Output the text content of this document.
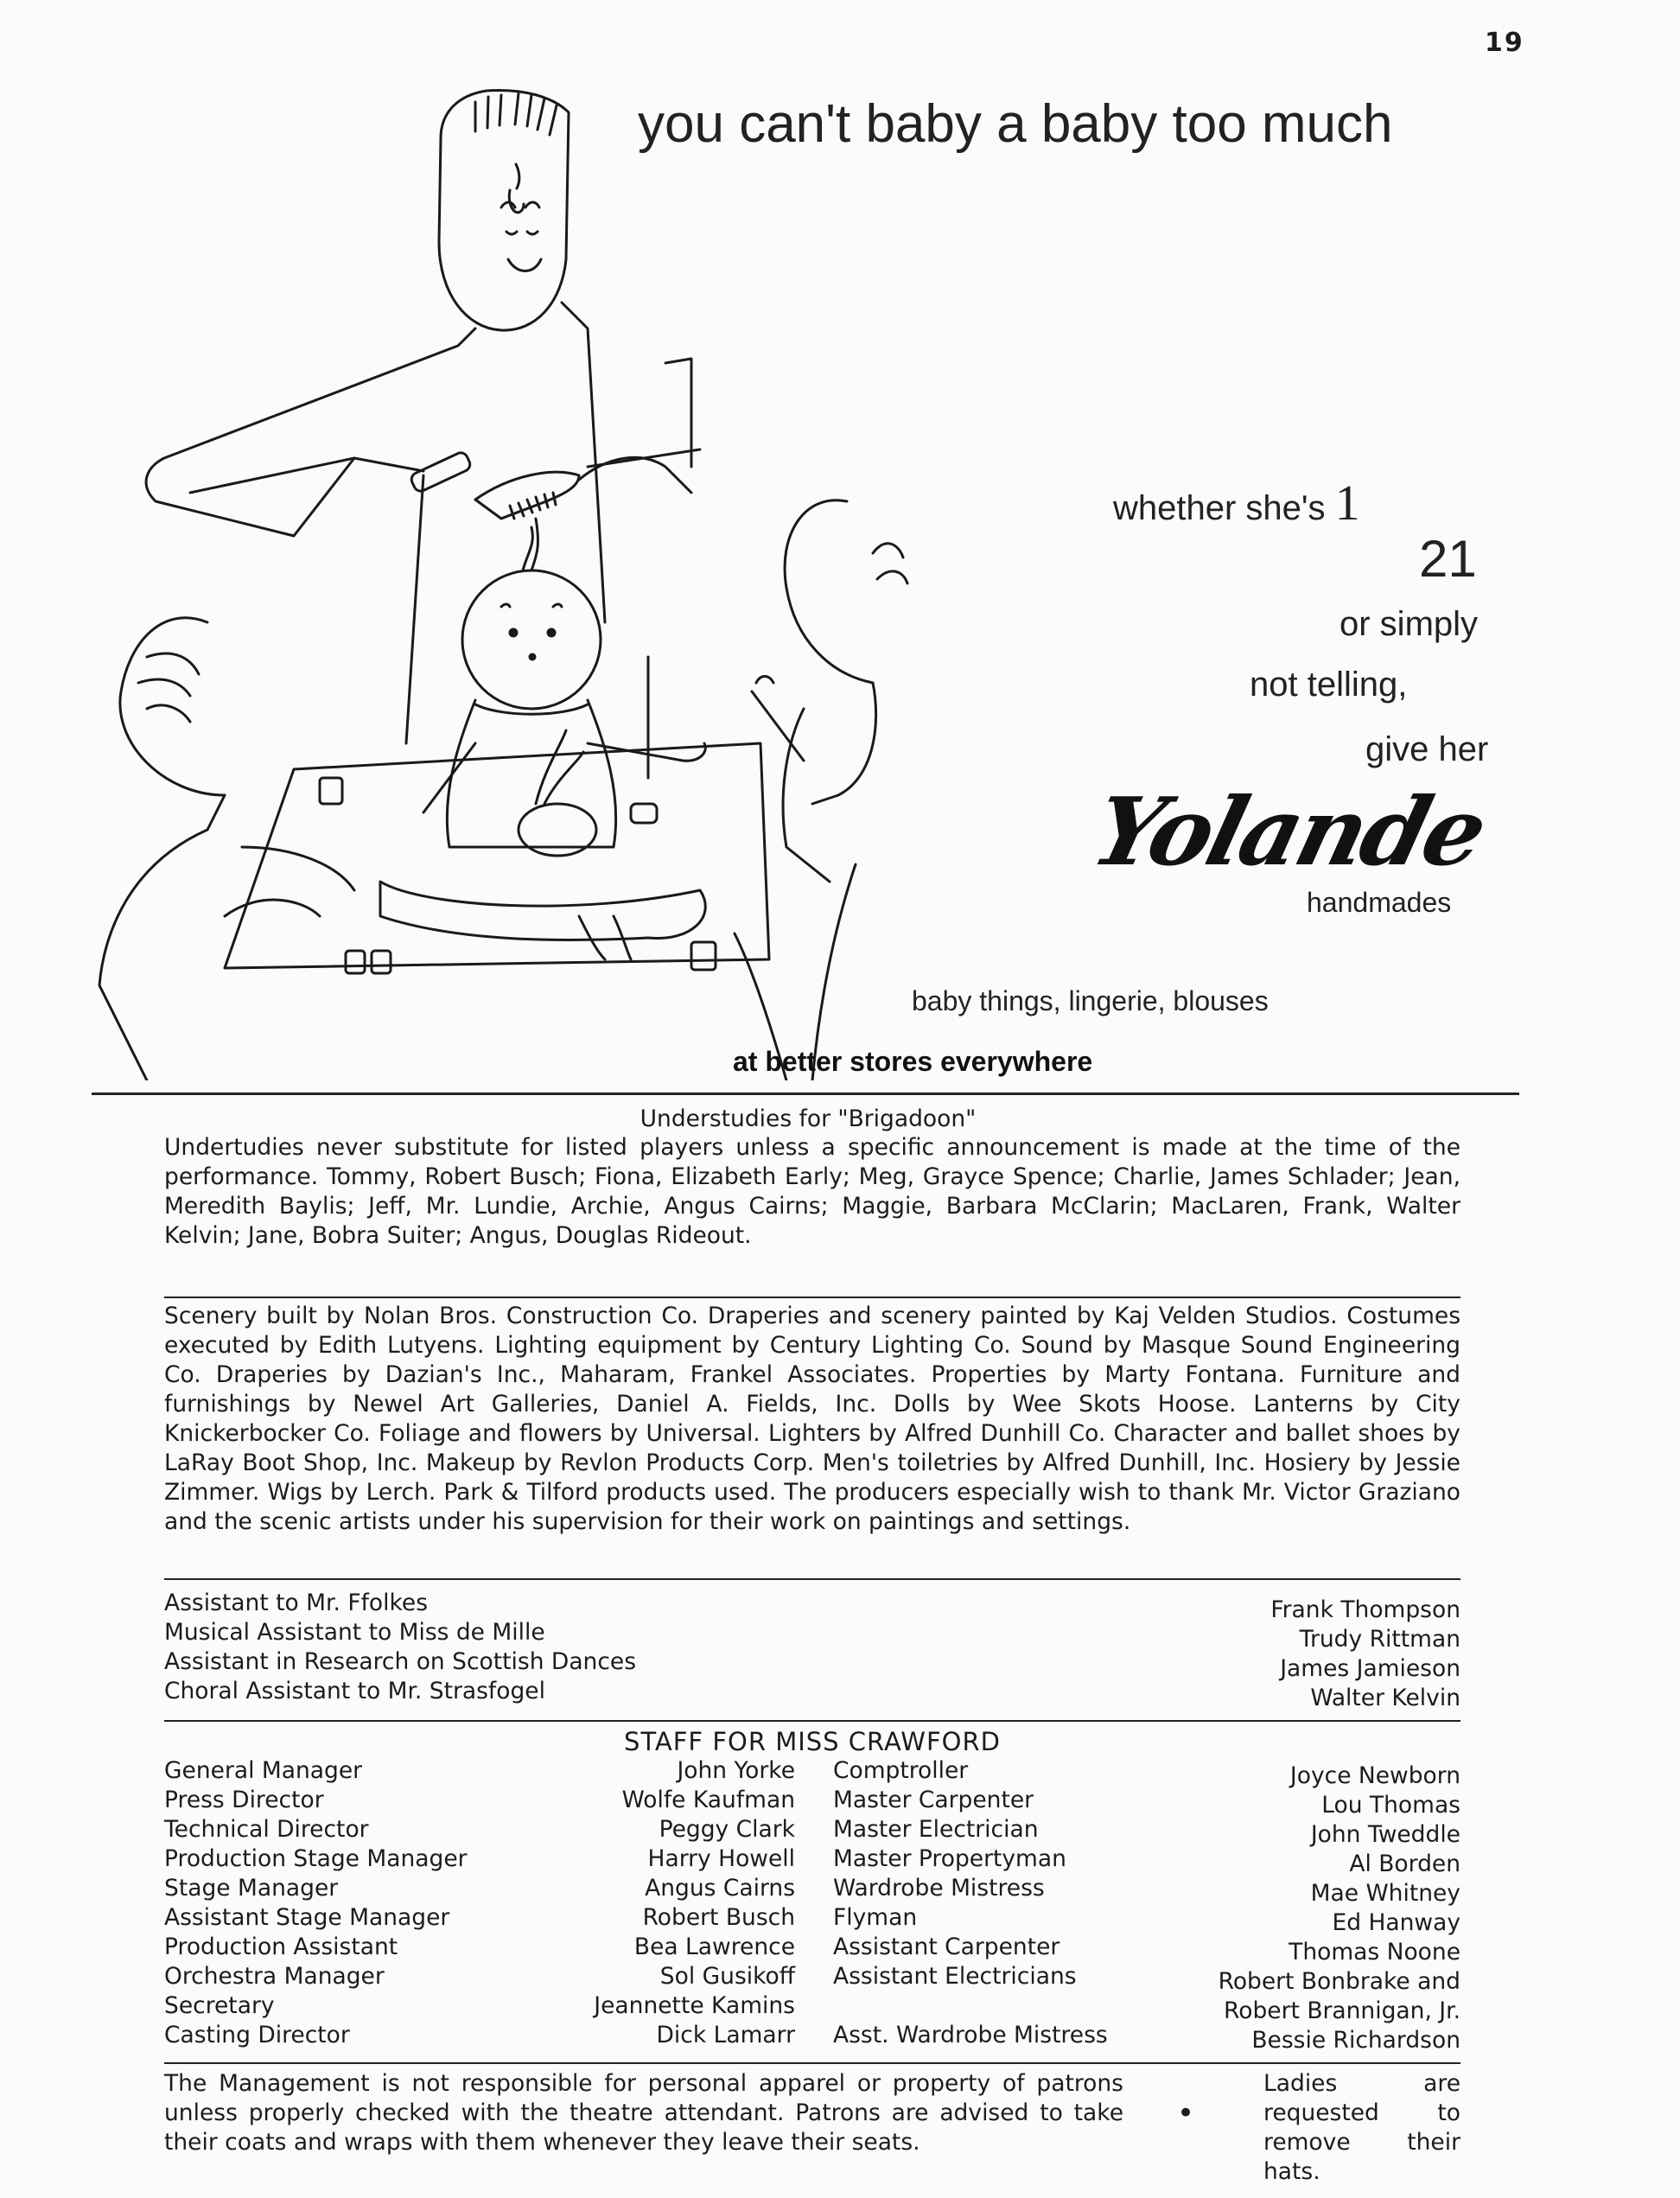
19
you can't baby a baby too much
whether she's 1
21
or simply
not telling,
give her
Yolande
handmades
baby things, lingerie, blouses
at better stores everywhere
Understudies for "Brigadoon"
Undertudies never substitute for listed players unless a specific announcement is made at the time of the performance. Tommy, Robert Busch; Fiona, Elizabeth Early; Meg, Grayce Spence; Charlie, James Schlader; Jean, Meredith Baylis; Jeff, Mr. Lundie, Archie, Angus Cairns; Maggie, Barbara McClarin; MacLaren, Frank, Walter Kelvin; Jane, Bobra Suiter; Angus, Douglas Rideout.
Scenery built by Nolan Bros. Construction Co. Draperies and scenery painted by Kaj Velden Studios. Costumes executed by Edith Lutyens. Lighting equipment by Century Lighting Co. Sound by Masque Sound Engineering Co. Draperies by Dazian's Inc., Maharam, Frankel Associates. Properties by Marty Fontana. Furniture and furnishings by Newel Art Galleries, Daniel A. Fields, Inc. Dolls by Wee Skots Hoose. Lanterns by City Knickerbocker Co. Foliage and flowers by Universal. Lighters by Alfred Dunhill Co. Character and ballet shoes by LaRay Boot Shop, Inc. Makeup by Revlon Products Corp. Men's toiletries by Alfred Dunhill, Inc. Hosiery by Jessie Zimmer. Wigs by Lerch. Park & Tilford products used. The producers especially wish to thank Mr. Victor Graziano and the scenic artists under his supervision for their work on paintings and settings.
Assistant to Mr. Ffolkes	Frank Thompson
Musical Assistant to Miss de Mille	Trudy Rittman
Assistant in Research on Scottish Dances	James Jamieson
Choral Assistant to Mr. Strasfogel	Walter Kelvin
STAFF FOR MISS CRAWFORD
General Manager	John Yorke
Press Director	Wolfe Kaufman
Technical Director	Peggy Clark
Production Stage Manager	Harry Howell
Stage Manager	Angus Cairns
Assistant Stage Manager	Robert Busch
Production Assistant	Bea Lawrence
Orchestra Manager	Sol Gusikoff
Secretary	Jeannette Kamins
Casting Director	Dick Lamarr
Comptroller	Joyce Newborn
Master Carpenter	Lou Thomas
Master Electrician	John Tweddle
Master Propertyman	Al Borden
Wardrobe Mistress	Mae Whitney
Flyman	Ed Hanway
Assistant Carpenter	Thomas Noone
Assistant Electricians	Robert Bonbrake and
Robert Brannigan, Jr.
Asst. Wardrobe Mistress	Bessie Richardson
The Management is not responsible for personal apparel or property of patrons unless properly checked with the theatre attendant. Patrons are advised to take their coats and wraps with them whenever they leave their seats.
•
Ladies are requested to remove their hats.
